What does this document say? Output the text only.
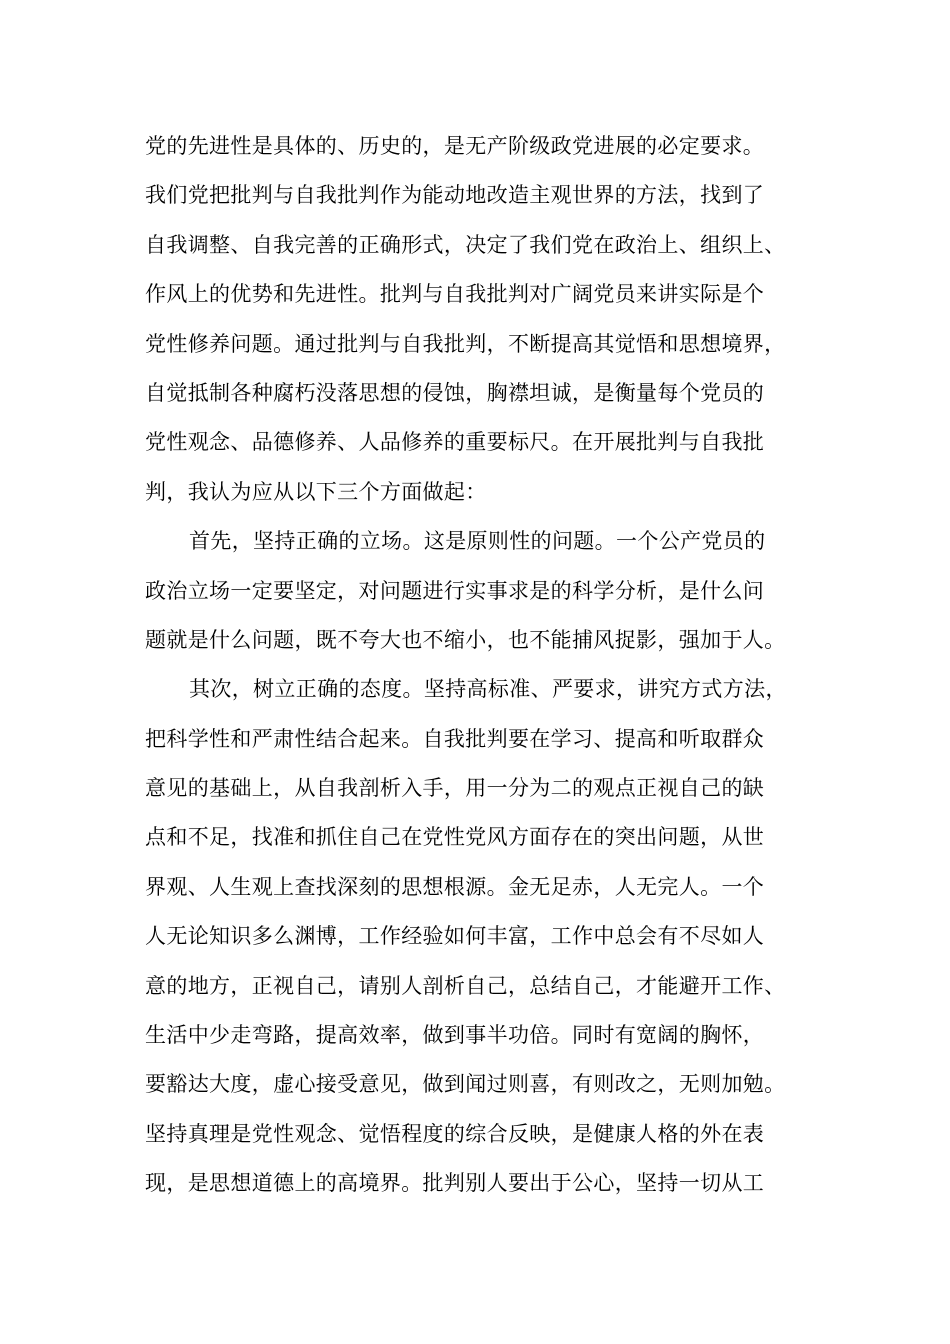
党的先进性是具体的、历史的，是无产阶级政党进展的必定要求。
我们党把批判与自我批判作为能动地改造主观世界的方法，找到了
自我调整、自我完善的正确形式，决定了我们党在政治上、组织上、
作风上的优势和先进性。批判与自我批判对广阔党员来讲实际是个
党性修养问题。通过批判与自我批判，不断提高其觉悟和思想境界，
自觉抵制各种腐朽没落思想的侵蚀，胸襟坦诚，是衡量每个党员的
党性观念、品德修养、人品修养的重要标尺。在开展批判与自我批
判，我认为应从以下三个方面做起：
首先，坚持正确的立场。这是原则性的问题。一个公产党员的
政治立场一定要坚定，对问题进行实事求是的科学分析，是什么问
题就是什么问题，既不夸大也不缩小，也不能捕风捉影，强加于人。
其次，树立正确的态度。坚持高标准、严要求，讲究方式方法，
把科学性和严肃性结合起来。自我批判要在学习、提高和听取群众
意见的基础上，从自我剖析入手，用一分为二的观点正视自己的缺
点和不足，找准和抓住自己在党性党风方面存在的突出问题，从世
界观、人生观上查找深刻的思想根源。金无足赤，人无完人。一个
人无论知识多么渊博，工作经验如何丰富，工作中总会有不尽如人
意的地方，正视自己，请别人剖析自己，总结自己，才能避开工作、
生活中少走弯路，提高效率，做到事半功倍。同时有宽阔的胸怀，
要豁达大度，虚心接受意见，做到闻过则喜，有则改之，无则加勉。
坚持真理是党性观念、觉悟程度的综合反映，是健康人格的外在表
现，是思想道德上的高境界。批判别人要出于公心，坚持一切从工
